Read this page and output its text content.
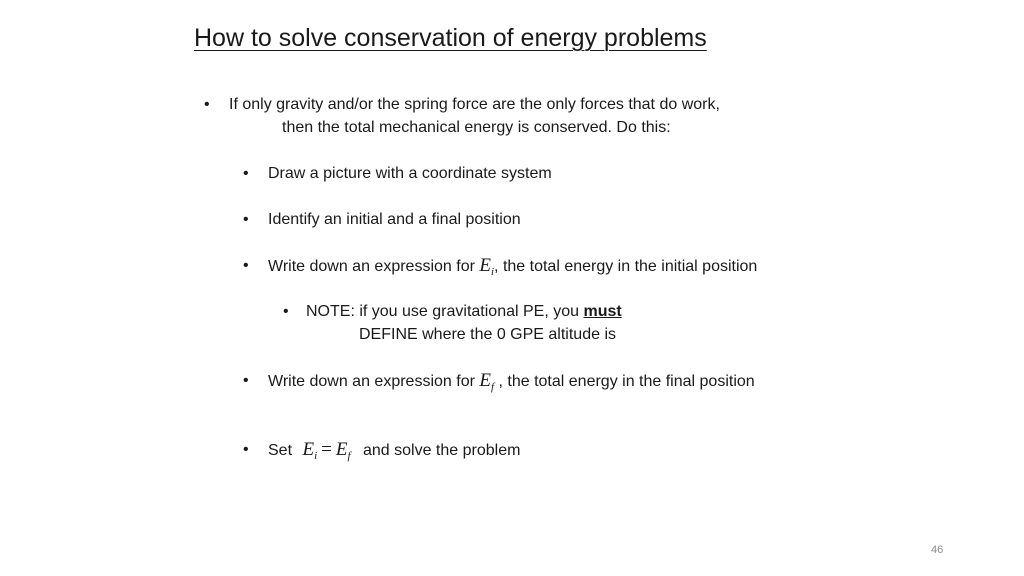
How to solve conservation of energy problems
• If only gravity and/or the spring force are the only forces that do work,
then the total mechanical energy is conserved. Do this:
• Draw a picture with a coordinate system
• Identify an initial and a final position
• Write down an expression for $E_i$, the total energy in the initial position
• NOTE: if you use gravitational PE, you must
DEFINE where the 0 GPE altitude is
• Write down an expression for $E_f$ , the total energy in the final position
• Set $E_i = E_f$ and solve the problem
46
